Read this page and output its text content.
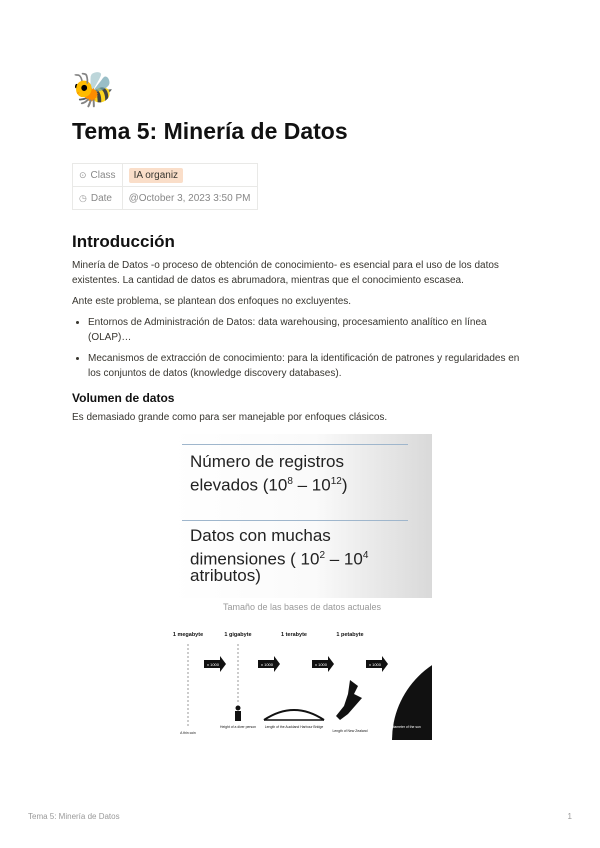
🐝
Tema 5: Minería de Datos
⊙ Class	IA organiz
◷ Date	@October 3, 2023 3:50 PM
Introducción

Minería de Datos -o proceso de obtención de conocimiento- es esencial para el uso de los datos existentes. La cantidad de datos es abrumadora, mientras que el conocimiento escasea.

Ante este problema, se plantean dos enfoques no excluyentes.

• Entornos de Administración de Datos: data warehousing, procesamiento analítico en línea (OLAP)…
• Mecanismos de extracción de conocimiento: para la identificación de patrones y regularidades en los conjuntos de datos (knowledge discovery databases).
Volumen de datos

Es demasiado grande como para ser manejable por enfoques clásicos.

Número de registros
elevados $(10^8 - 10^{12})$
Datos con muchas
dimensiones ( $10^2 - 10^4$
atributos)
Tamaño de las bases de datos actuales
1 megabyte	1 gigabyte	1 terabyte	1 petabyte	1 exabyte
x 1000	x 1000	x 1000	x 1000
A thin coin
Height of a diver person	Length of the Auckland Harbour Bridge
Length of New Zealand
Diameter of the sun
Tema 5: Minería de Datos	1
